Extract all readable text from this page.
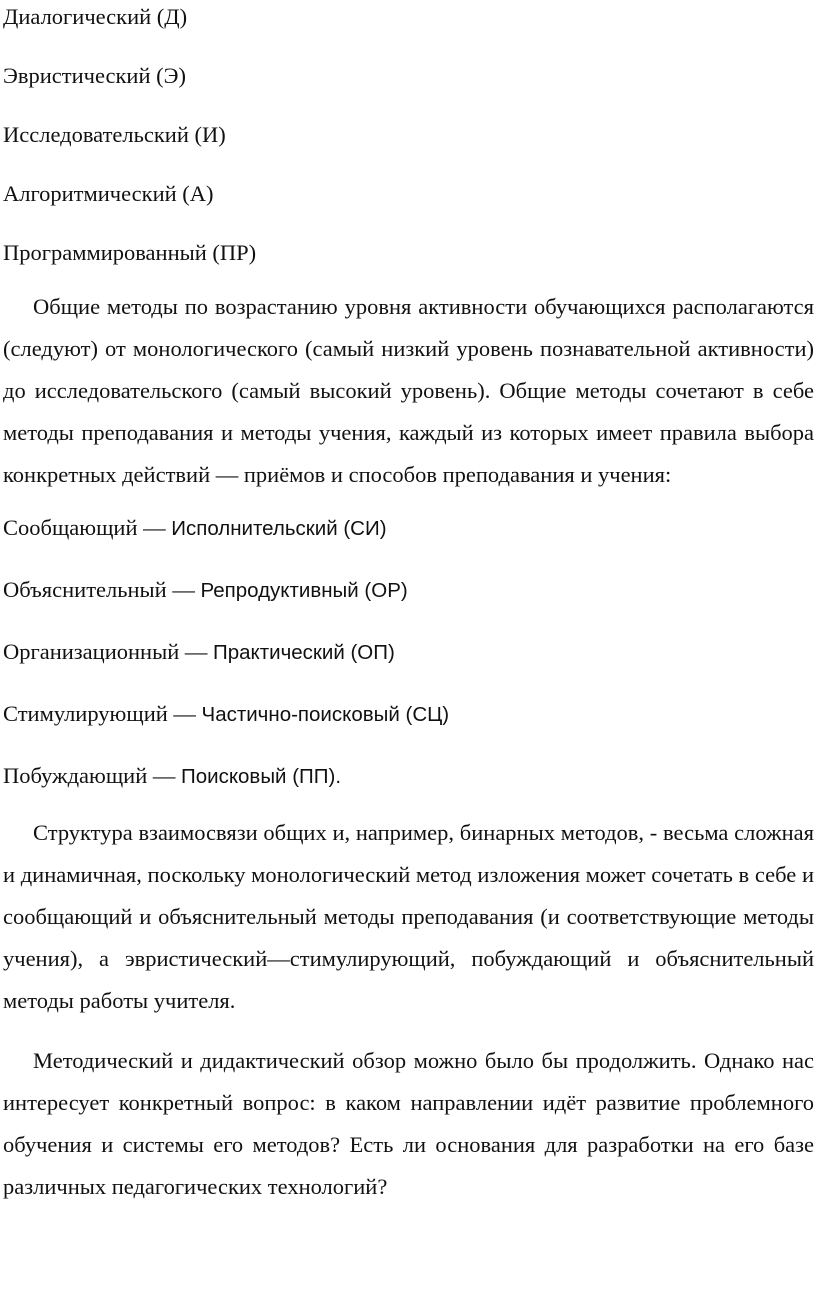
Диалогический (Д)

Эвристический (Э)

Исследовательский (И)

Алгоритмический (А)

Программированный (ПР)

Общие методы по возрастанию уровня активности обучающихся располагаются (следуют) от монологического (самый низкий уровень познавательной активности) до исследовательского (самый высокий уровень). Общие методы сочетают в себе методы преподавания и методы учения, каждый из которых имеет правила выбора конкретных действий — приёмов и способов преподавания и учения:

Сообщающий — Исполнительский (СИ)

Объяснительный — Репродуктивный (ОР)

Организационный — Практический (ОП)

Стимулирующий — Частично-поисковый (СЦ)

Побуждающий — Поисковый (ПП).

Структура взаимосвязи общих и, например, бинарных методов, - весьма сложная и динамичная, поскольку монологический метод изложения может сочетать в себе и сообщающий и объяснительный методы преподавания (и соответствующие методы учения), а эвристический—стимулирующий, побуждающий и объяснительный методы работы учителя.

Методический и дидактический обзор можно было бы продолжить. Однако нас интересует конкретный вопрос: в каком направлении идёт развитие проблемного обучения и системы его методов? Есть ли основания для разработки на его базе различных педагогических технологий?
